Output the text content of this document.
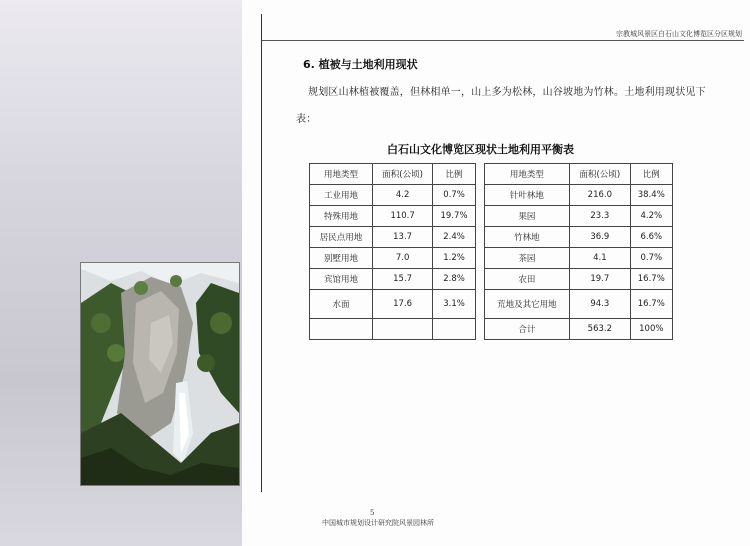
宗教城风景区白石山文化博览区分区规划
6. 植被与土地利用现状
规划区山林植被覆盖，但林相单一，山上多为松林，山谷坡地为竹林。土地利用现状见下表：
白石山文化博览区现状土地利用平衡表
用地类型	面积(公顷)	比例		用地类型	面积(公顷)	比例
工业用地	4.2	0.7%		针叶林地	216.0	38.4%
特殊用地	110.7	19.7%		果园	23.3	4.2%
居民点用地	13.7	2.4%		竹林地	36.9	6.6%
别墅用地	7.0	1.2%		茶园	4.1	0.7%
宾馆用地	15.7	2.8%		农田	19.7	16.7%
水面	17.6	3.1%		荒地及其它用地	94.3	16.7%
				合计	563.2	100%
5
中国城市规划设计研究院风景园林所
